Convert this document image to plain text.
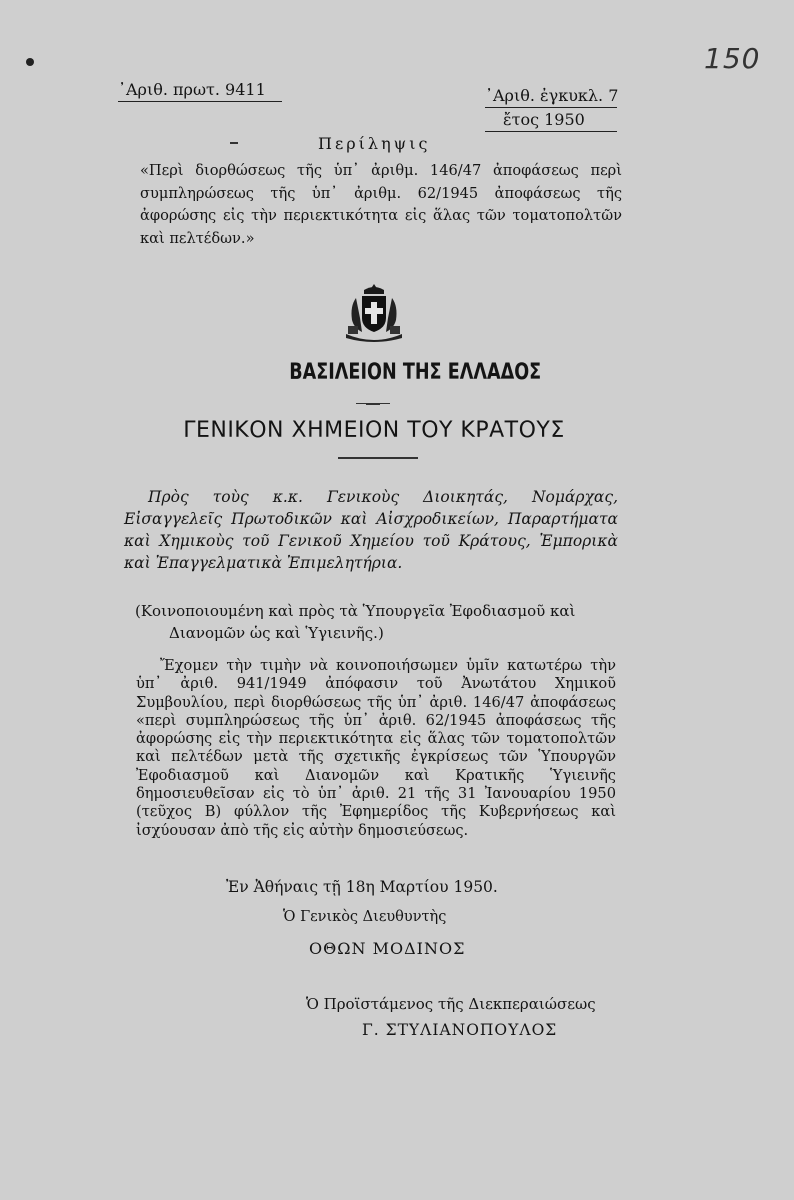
150
᾿Αριθ. πρωτ. 9411	᾿Αριθ. ἐγκυκλ. 7
ἔτος 1950
Περίληψις
«Περὶ διορθώσεως τῆς ὑπ᾿ ἀριθμ. 146/47 ἀποφάσεως περὶ συμπληρώσεως τῆς ὑπ᾿ ἀριθμ. 62/1945 ἀποφάσεως τῆς ἀφορώσης εἰς τὴν περιεκτικότητα εἰς ἅλας τῶν τοματοπολτῶν καὶ πελτέδων.»
ΒΑΣΙΛΕΙΟΝ ΤΗΣ ΕΛΛΑΔΟΣ
ΓΕΝΙΚΟΝ ΧΗΜΕΙΟΝ ΤΟΥ ΚΡΑΤΟΥΣ
Πρὸς τοὺς κ.κ. Γενικοὺς Διοικητάς, Νομάρχας, Εἰσαγγελεῖς Πρωτοδικῶν καὶ Αἰσχροδικείων, Παραρτήματα καὶ Χημικοὺς τοῦ Γενικοῦ Χημείου τοῦ Κράτους, Ἐμπορικὰ καὶ Ἐπαγγελματικὰ Ἐπιμελητήρια.
(Κοινοποιουμένη καὶ πρὸς τὰ Ὑπουργεῖα Ἐφοδιασμοῦ καὶ
Διανομῶν ὡς καὶ Ὑγιεινῆς.)
Ἔχομεν τὴν τιμὴν νὰ κοινοποιήσωμεν ὑμῖν κατωτέρω τὴν ὑπ᾿ ἀριθ. 941/1949 ἀπόφασιν τοῦ Ἀνωτάτου Χημικοῦ Συμβουλίου, περὶ διορθώσεως τῆς ὑπ᾿ ἀριθ. 146/47 ἀποφάσεως «περὶ συμπληρώσεως τῆς ὑπ᾿ ἀριθ. 62/1945 ἀποφάσεως τῆς ἀφορώσης εἰς τὴν περιεκτικότητα εἰς ἅλας τῶν τοματοπολτῶν καὶ πελτέδων μετὰ τῆς σχετικῆς ἐγκρίσεως τῶν Ὑπουργῶν Ἐφοδιασμοῦ καὶ Διανομῶν καὶ Κρατικῆς Ὑγιεινῆς δημοσιευθεῖσαν εἰς τὸ ὑπ᾿ ἀριθ. 21 τῆς 31 Ἰανουαρίου 1950 (τεῦχος Β) φύλλον τῆς Ἐφημερίδος τῆς Κυβερνήσεως καὶ ἰσχύουσαν ἀπὸ τῆς εἰς αὐτὴν δημοσιεύσεως.
Ἐν Ἀθήναις τῇ 18η Μαρτίου 1950.
Ὁ Γενικὸς Διευθυντὴς
ΟΘΩΝ ΜΟΔΙΝΟΣ
Ὁ Προϊστάμενος τῆς Διεκπεραιώσεως
Γ. ΣΤΥΛΙΑΝΟΠΟΥΛΟΣ
